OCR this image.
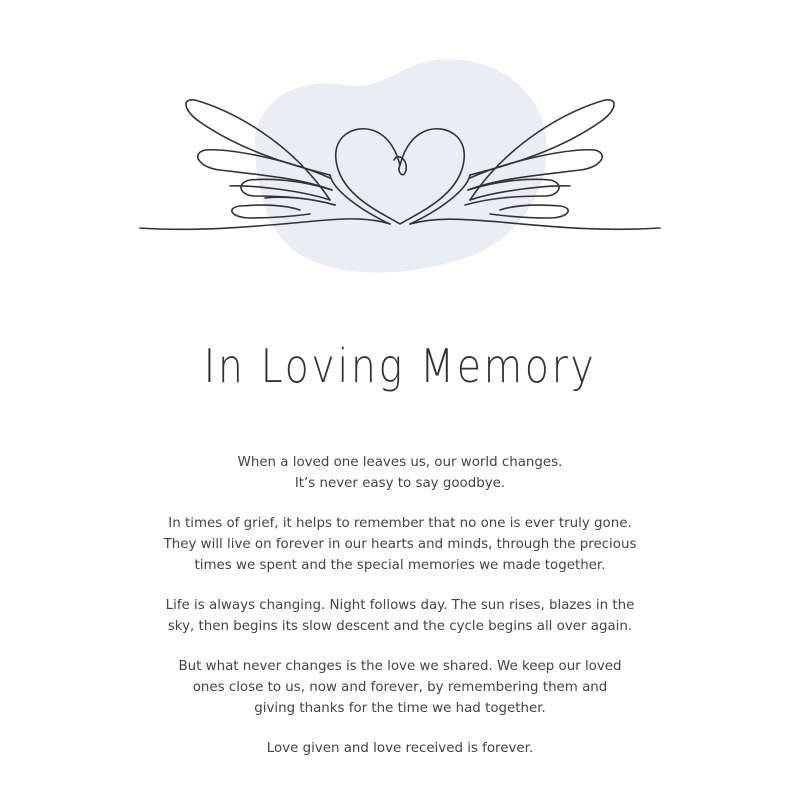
In Loving Memory

When a loved one leaves us, our world changes.
It’s never easy to say goodbye.

In times of grief, it helps to remember that no one is ever truly gone.
They will live on forever in our hearts and minds, through the precious
times we spent and the special memories we made together.

Life is always changing. Night follows day. The sun rises, blazes in the
sky, then begins its slow descent and the cycle begins all over again.

But what never changes is the love we shared. We keep our loved
ones close to us, now and forever, by remembering them and
giving thanks for the time we had together.

Love given and love received is forever.
